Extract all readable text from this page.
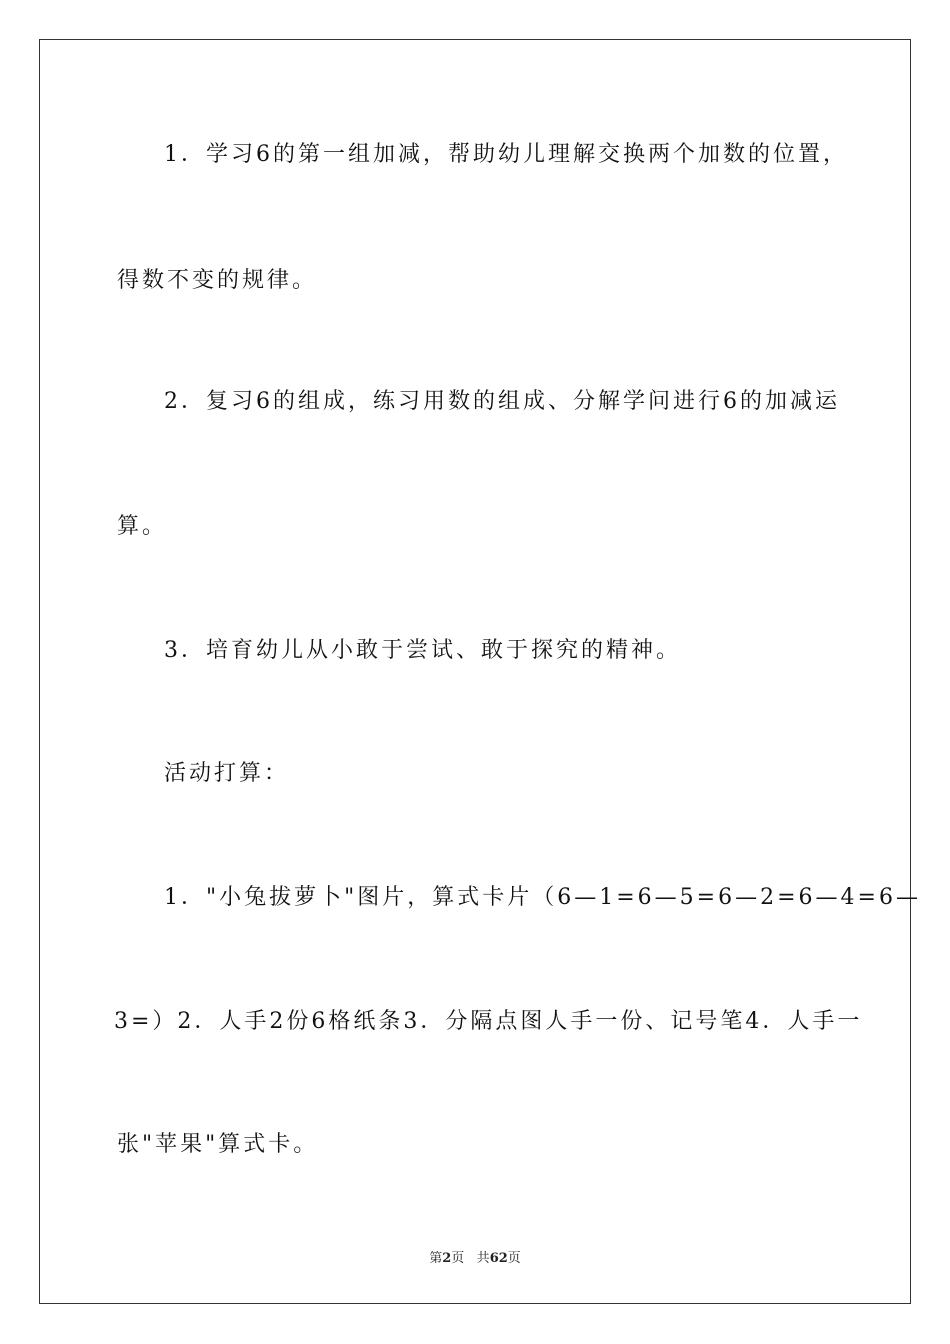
1．学习6的第一组加减，帮助幼儿理解交换两个加数的位置，
得数不变的规律。
2．复习6的组成，练习用数的组成、分解学问进行6的加减运
算。
3．培育幼儿从小敢于尝试、敢于探究的精神。
活动打算：
1．"小兔拔萝卜"图片，算式卡片（6—1=6—5=6—2=6—4=6—
3=）2．人手2份6格纸条3．分隔点图人手一份、记号笔4．人手一
张"苹果"算式卡。
第2页 共62页
